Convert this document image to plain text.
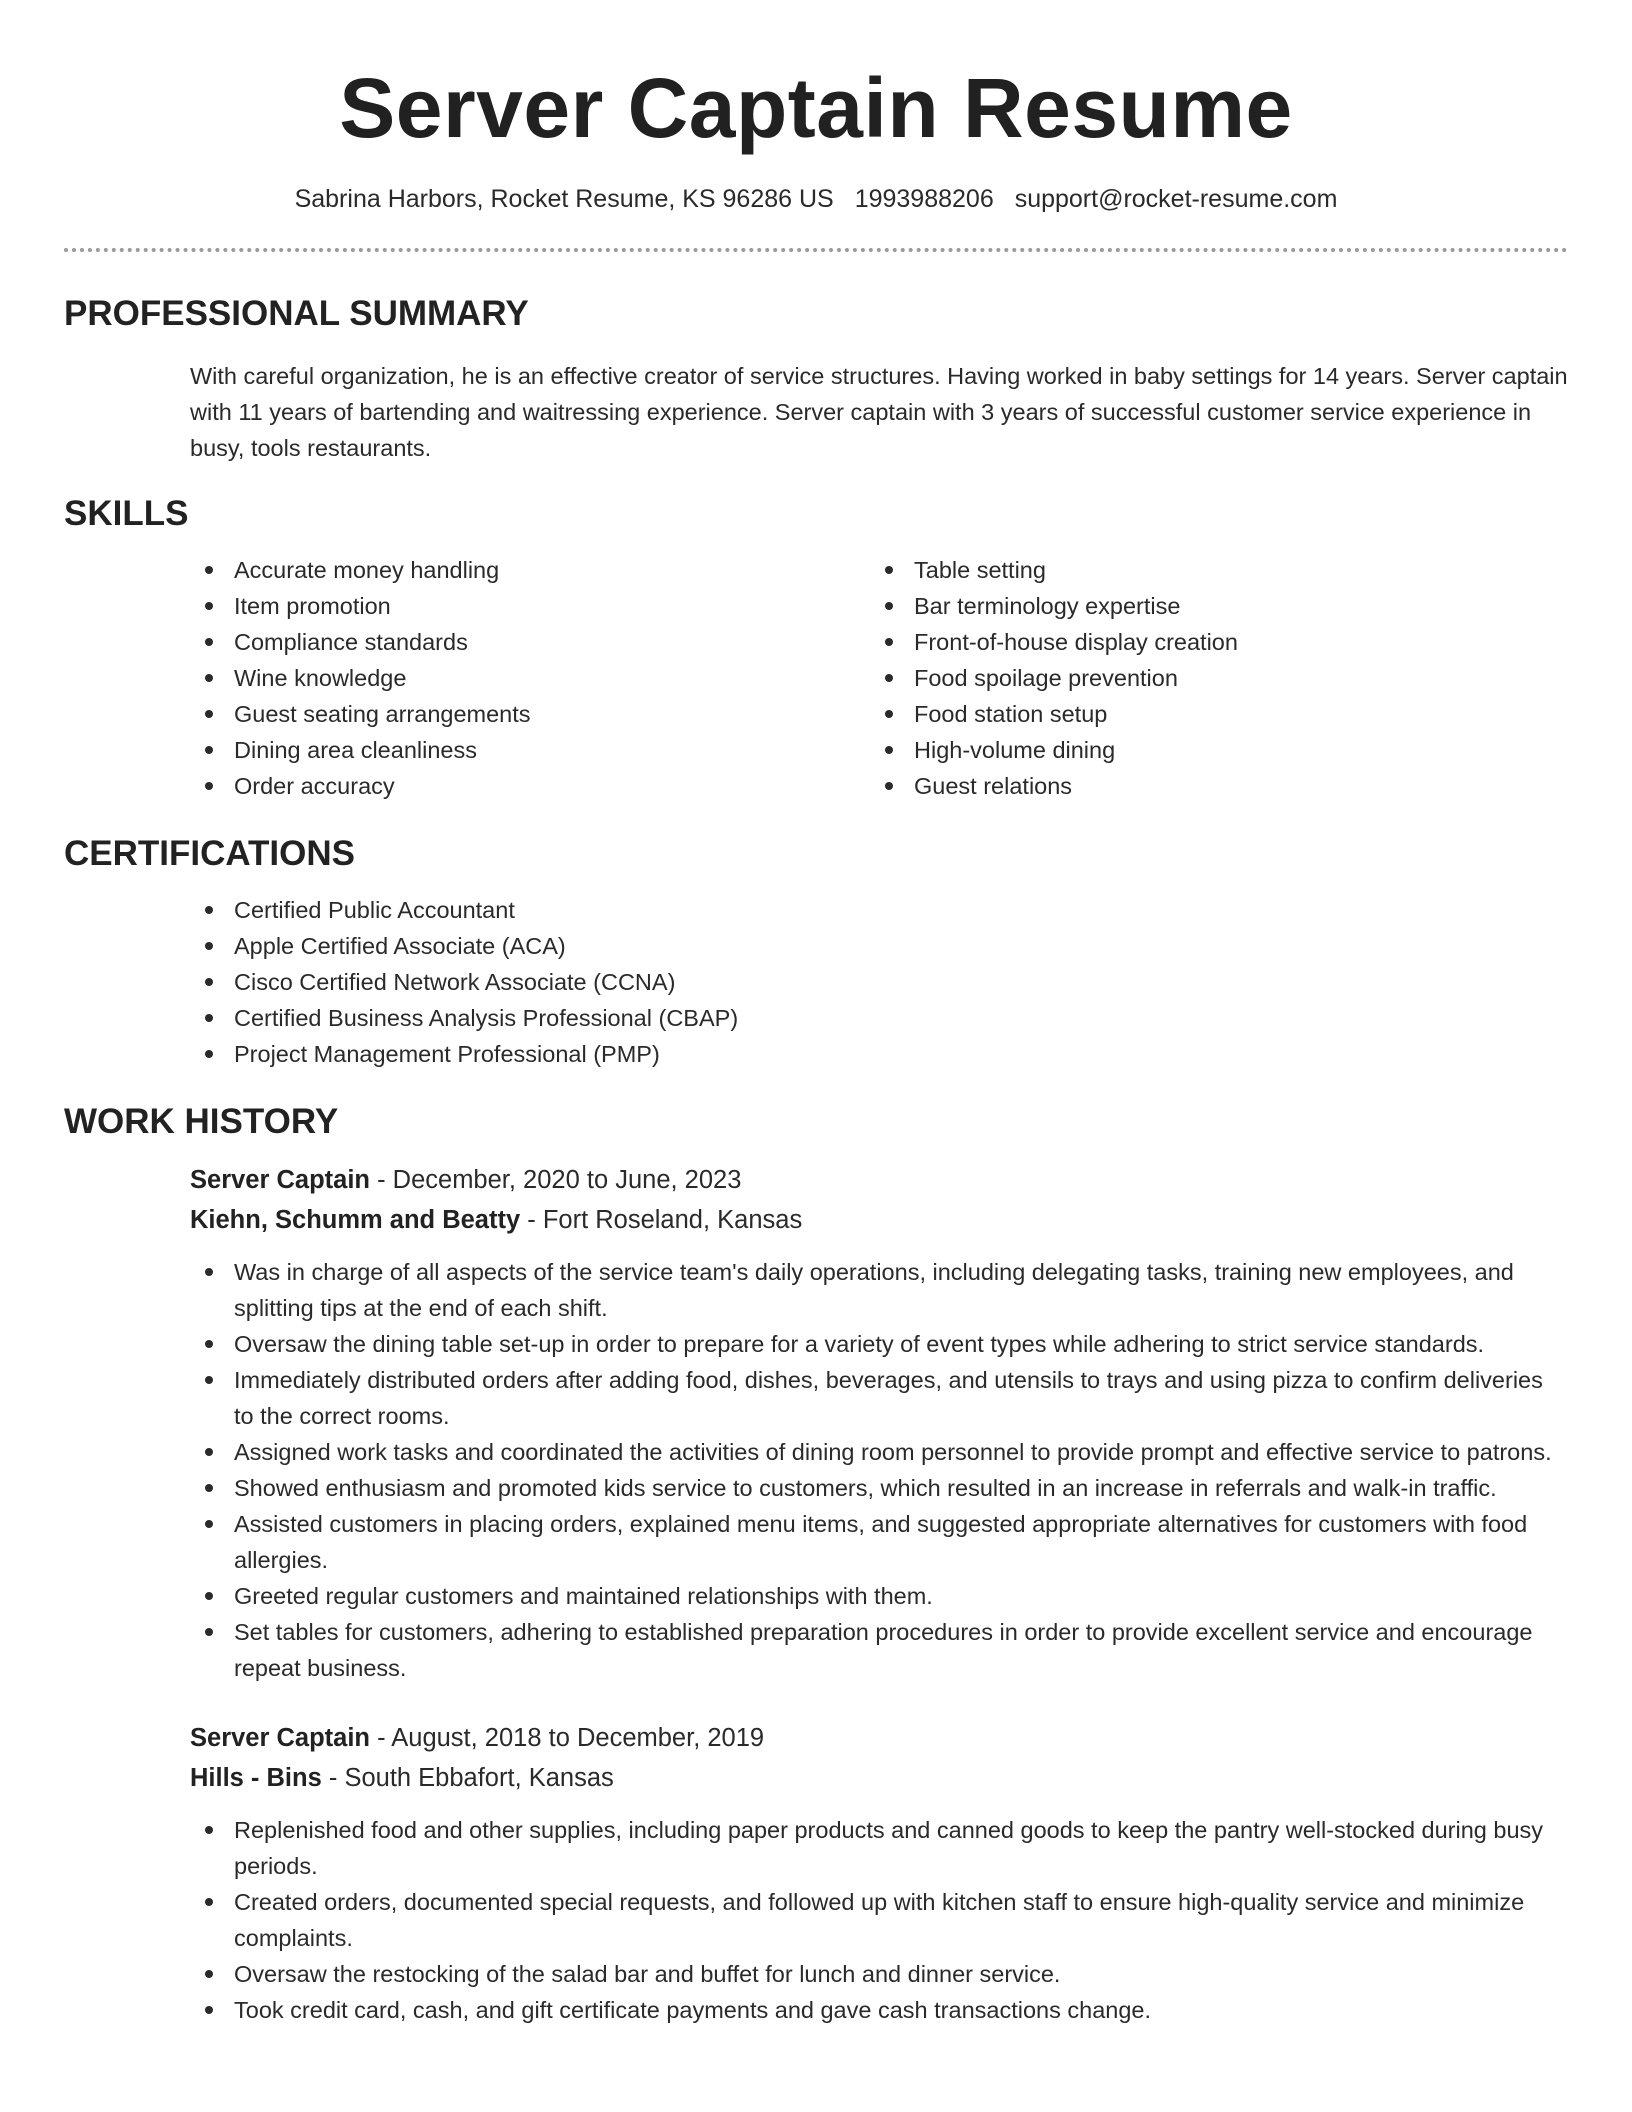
Server Captain Resume
Sabrina Harbors, Rocket Resume, KS 96286 US 1993988206 support@rocket-resume.com
PROFESSIONAL SUMMARY

With careful organization, he is an effective creator of service structures. Having worked in baby settings for 14 years. Server captain with 11 years of bartending and waitressing experience. Server captain with 3 years of successful customer service experience in busy, tools restaurants.

SKILLS
Accurate money handling
Item promotion
Compliance standards
Wine knowledge
Guest seating arrangements
Dining area cleanliness
Order accuracy
Table setting
Bar terminology expertise
Front-of-house display creation
Food spoilage prevention
Food station setup
High-volume dining
Guest relations
CERTIFICATIONS
Certified Public Accountant
Apple Certified Associate (ACA)
Cisco Certified Network Associate (CCNA)
Certified Business Analysis Professional (CBAP)
Project Management Professional (PMP)
WORK HISTORY
Server Captain - December, 2020 to June, 2023
Kiehn, Schumm and Beatty - Fort Roseland, Kansas
Was in charge of all aspects of the service team's daily operations, including delegating tasks, training new employees, and splitting tips at the end of each shift.
Oversaw the dining table set-up in order to prepare for a variety of event types while adhering to strict service standards.
Immediately distributed orders after adding food, dishes, beverages, and utensils to trays and using pizza to confirm deliveries to the correct rooms.
Assigned work tasks and coordinated the activities of dining room personnel to provide prompt and effective service to patrons.
Showed enthusiasm and promoted kids service to customers, which resulted in an increase in referrals and walk-in traffic.
Assisted customers in placing orders, explained menu items, and suggested appropriate alternatives for customers with food allergies.
Greeted regular customers and maintained relationships with them.
Set tables for customers, adhering to established preparation procedures in order to provide excellent service and encourage repeat business.
Server Captain - August, 2018 to December, 2019
Hills - Bins - South Ebbafort, Kansas
Replenished food and other supplies, including paper products and canned goods to keep the pantry well-stocked during busy periods.
Created orders, documented special requests, and followed up with kitchen staff to ensure high-quality service and minimize complaints.
Oversaw the restocking of the salad bar and buffet for lunch and dinner service.
Took credit card, cash, and gift certificate payments and gave cash transactions change.
